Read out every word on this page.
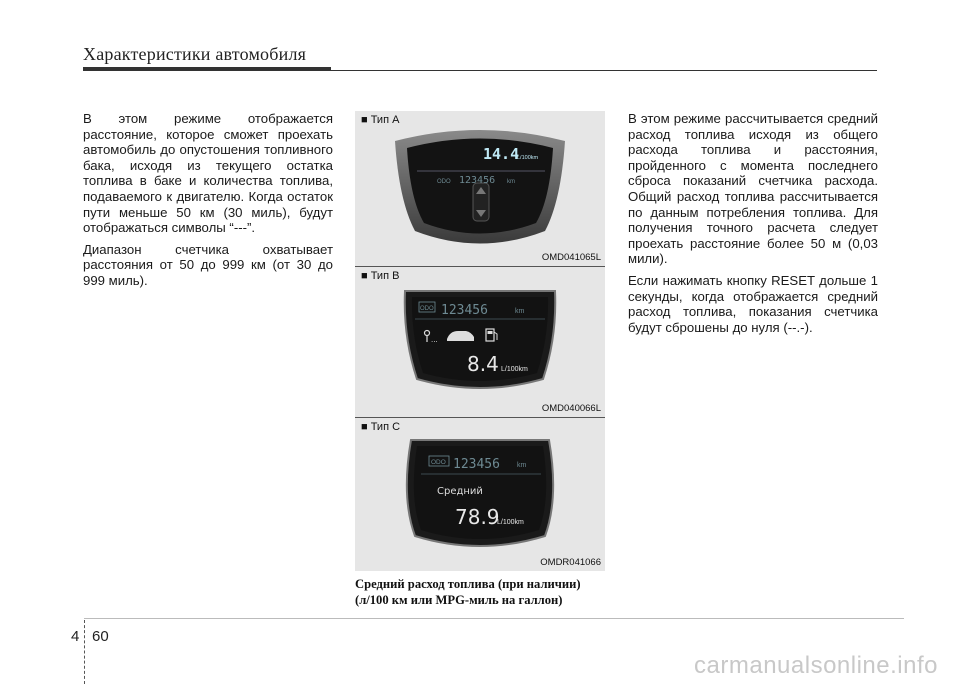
Характеристики автомобиля

В этом режиме отображается расстояние, которое сможет проехать автомобиль до опустошения топливного бака, исходя из текущего остатка топлива в баке и количества топлива, подаваемого к двигателю. Когда остаток пути меньше 50 км (30 миль), будут отображаться символы “---”.

Диапазон счетчика охватывает расстояния от 50 до 999 км (от 30 до 999 миль).

В этом режиме рассчитывается средний расход топлива исходя из общего расхода топлива и расстояния, пройденного с момента последнего сброса показаний счетчика расхода. Общий расход топлива рассчитывается по данным потребления топлива. Для получения точного расчета следует проехать расстояние более 50 м (0,03 мили).

Если нажимать кнопку RESET дольше 1 секунды, когда отображается средний расход топлива, показания счетчика будут сброшены до нуля (--.-).

14.4
L/100km
ODO 123456 km
■ Тип A
OMD041065L
ODO 123456	km
...
8.4 L/100km
■ Тип B
OMD040066L
ODO 123456 km
Средний
78.9
L/100km
■ Тип C
OMDR041066
Средний расход топлива (при наличии) (л/100 км или MPG-миль на галлон)
4 60
carmanualsonline.info
